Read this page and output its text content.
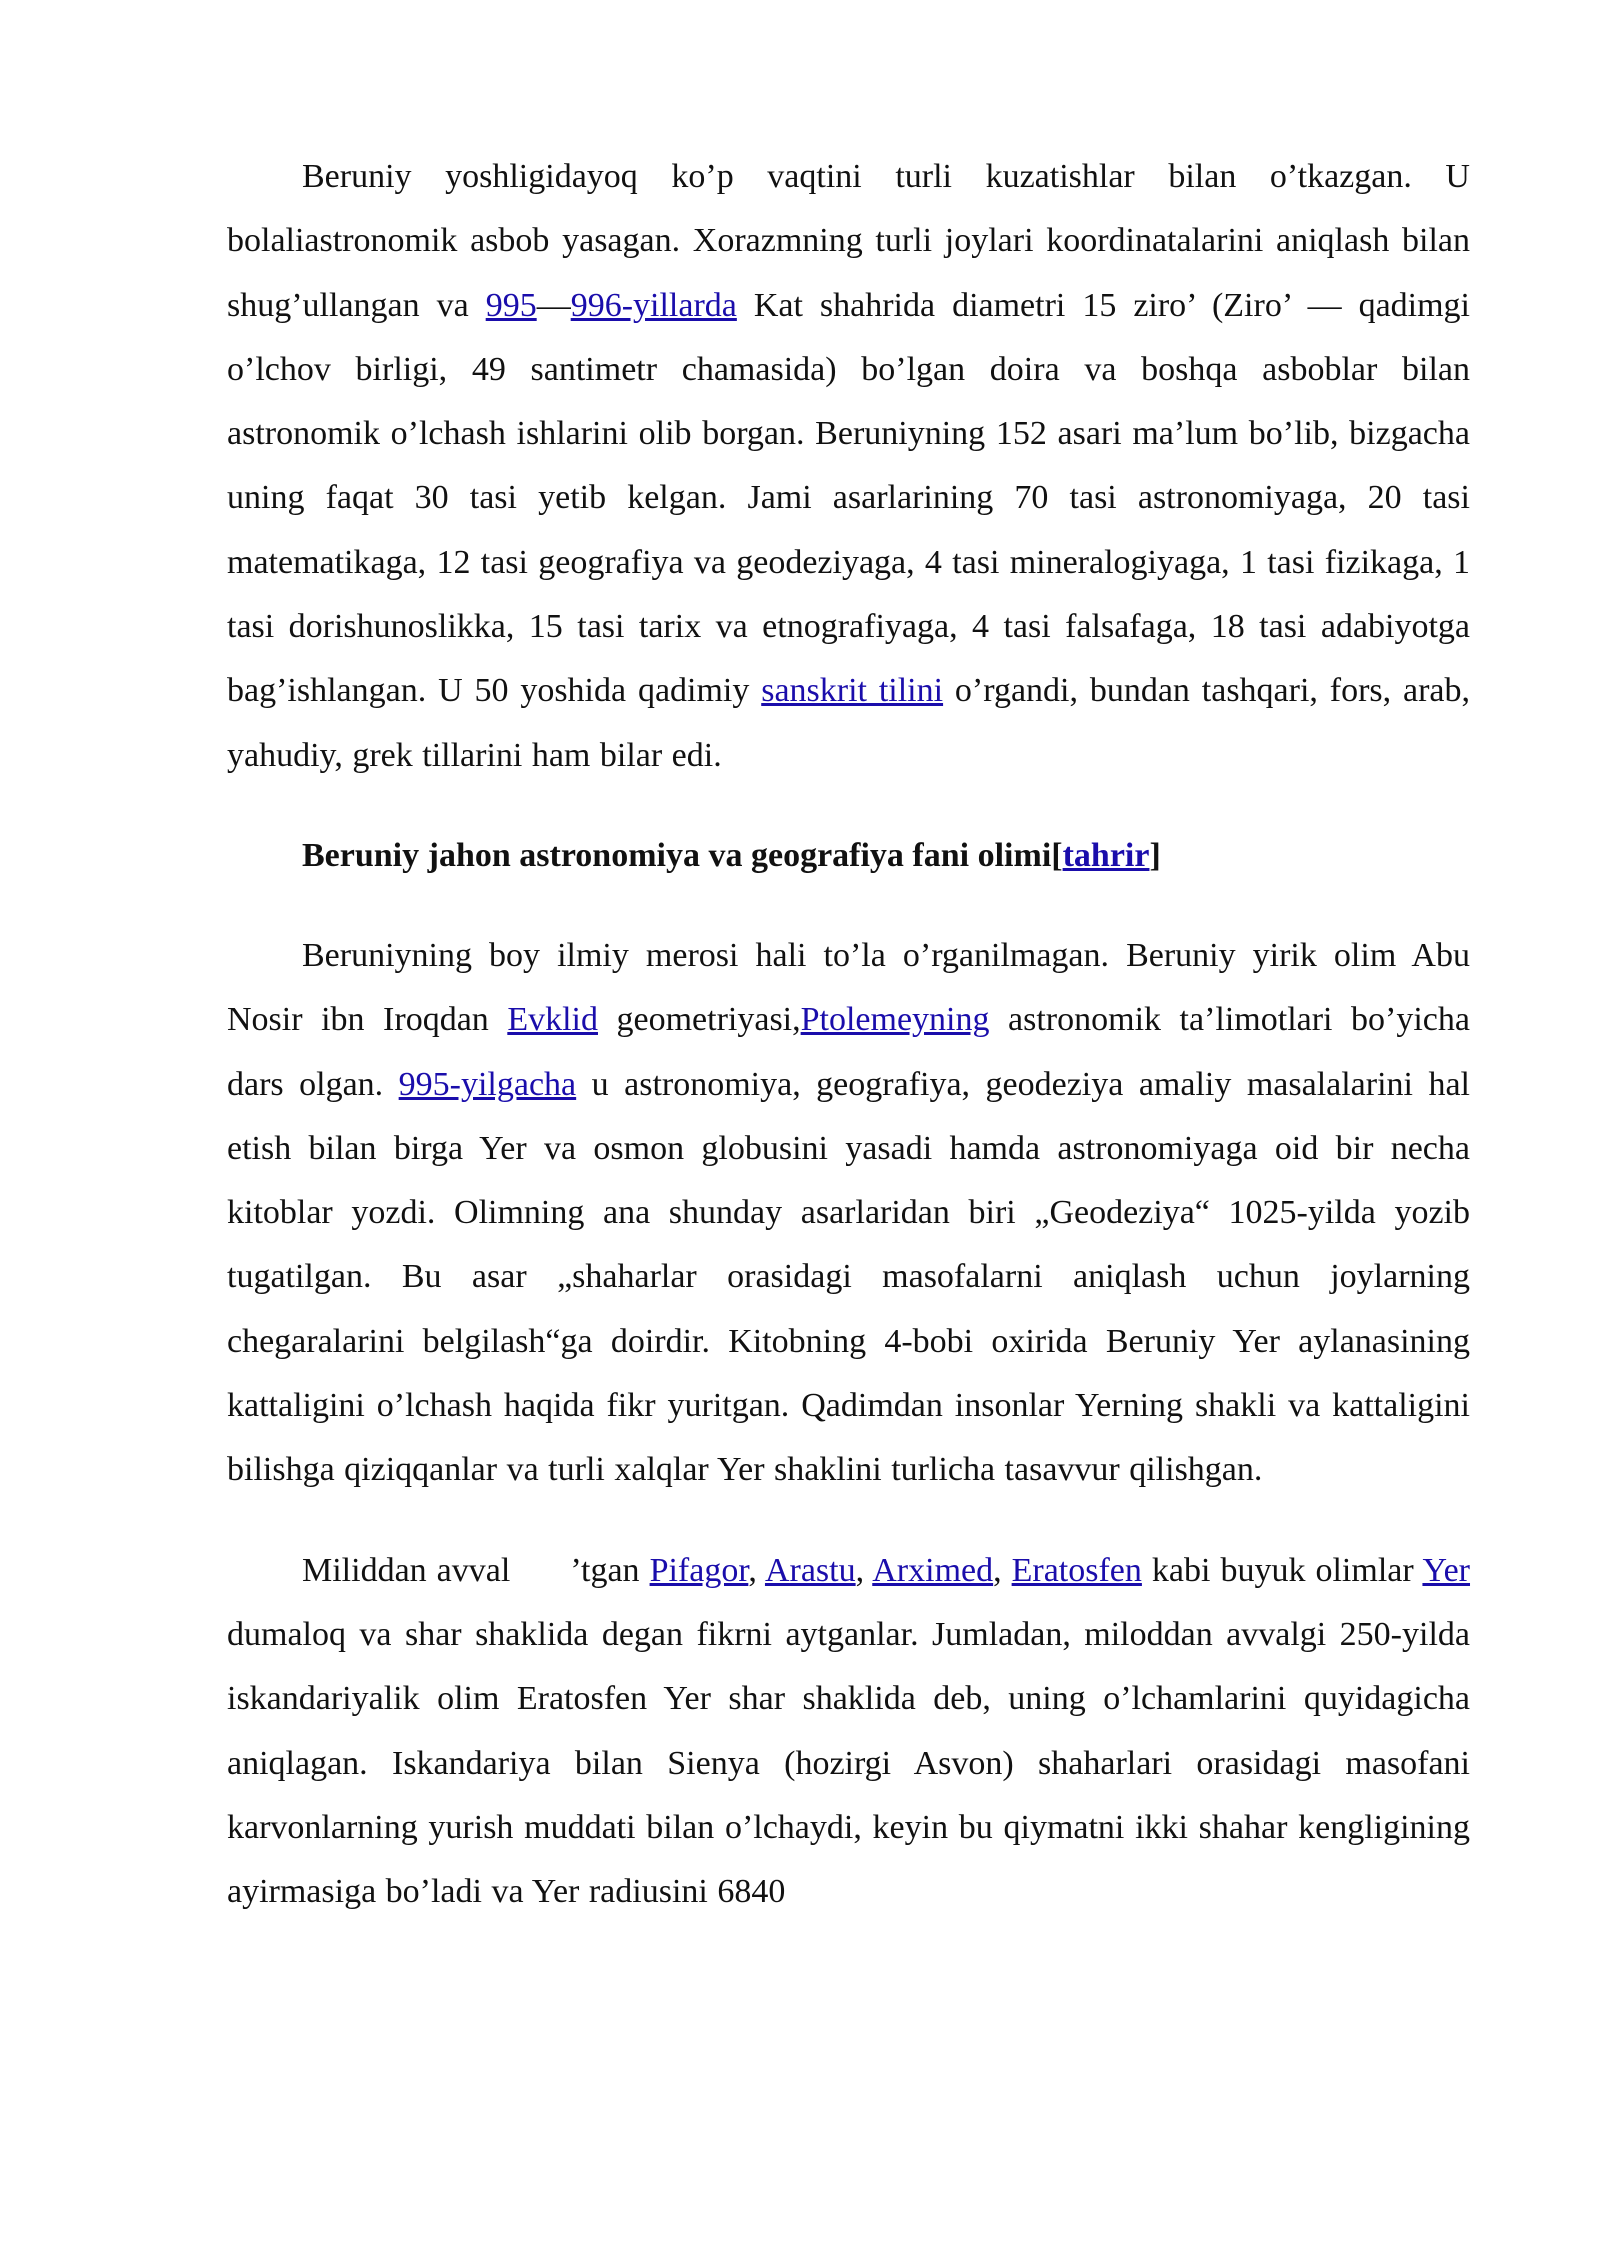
Beruniy yoshligidayoq ko’p vaqtini turli kuzatishlar bilan o’tkazgan. U bolaliastronomik asbob yasagan. Xorazmning turli joylari koordinatalarini aniqlash bilan shug’ullangan va 995—996-yillarda Kat shahrida diametri 15 ziro’ (Ziro’ — qadimgi o’lchov birligi, 49 santimetr chamasida) bo’lgan doira va boshqa asboblar bilan astronomik o’lchash ishlarini olib borgan. Beruniyning 152 asari ma’lum bo’lib, bizgacha uning faqat 30 tasi yetib kelgan. Jami asarlarining 70 tasi astronomiyaga, 20 tasi matematikaga, 12 tasi geografiya va geodeziyaga, 4 tasi mineralogiyaga, 1 tasi fizikaga, 1 tasi dorishunoslikka, 15 tasi tarix va etnografiyaga, 4 tasi falsafaga, 18 tasi adabiyotga bag’ishlangan. U 50 yoshida qadimiy sanskrit tilini o’rgandi, bundan tashqari, fors, arab, yahudiy, grek tillarini ham bilar edi.

Beruniy jahon astronomiya va geografiya fani olimi[tahrir]

Beruniyning boy ilmiy merosi hali to’la o’rganilmagan. Beruniy yirik olim Abu Nosir ibn Iroqdan Evklid geometriyasi,Ptolemeyning astronomik ta’limotlari bo’yicha dars olgan. 995-yilgacha u astronomiya, geografiya, geodeziya amaliy masalalarini hal etish bilan birga Yer va osmon globusini yasadi hamda astronomiyaga oid bir necha kitoblar yozdi. Olimning ana shunday asarlaridan biri „Geodeziya“ 1025-yilda yozib tugatilgan. Bu asar „shaharlar orasidagi masofalarni aniqlash uchun joylarning chegaralarini belgilash“ga doirdir. Kitobning 4-bobi oxirida Beruniy Yer aylanasining kattaligini o’lchash haqida fikr yuritgan. Qadimdan insonlar Yerning shakli va kattaligini bilishga qiziqqanlar va turli xalqlar Yer shaklini turlicha tasavvur qilishgan.

Miliddan avval ’tgan Pifagor, Arastu, Arximed, Eratosfen kabi buyuk olimlar Yer dumaloq va shar shaklida degan fikrni aytganlar. Jumladan, miloddan avvalgi 250-yilda iskandariyalik olim Eratosfen Yer shar shaklida deb, uning o’lchamlarini quyidagicha aniqlagan. Iskandariya bilan Sienya (hozirgi Asvon) shaharlari orasidagi masofani karvonlarning yurish muddati bilan o’lchaydi, keyin bu qiymatni ikki shahar kengligining ayirmasiga bo’ladi va Yer radiusini 6840
